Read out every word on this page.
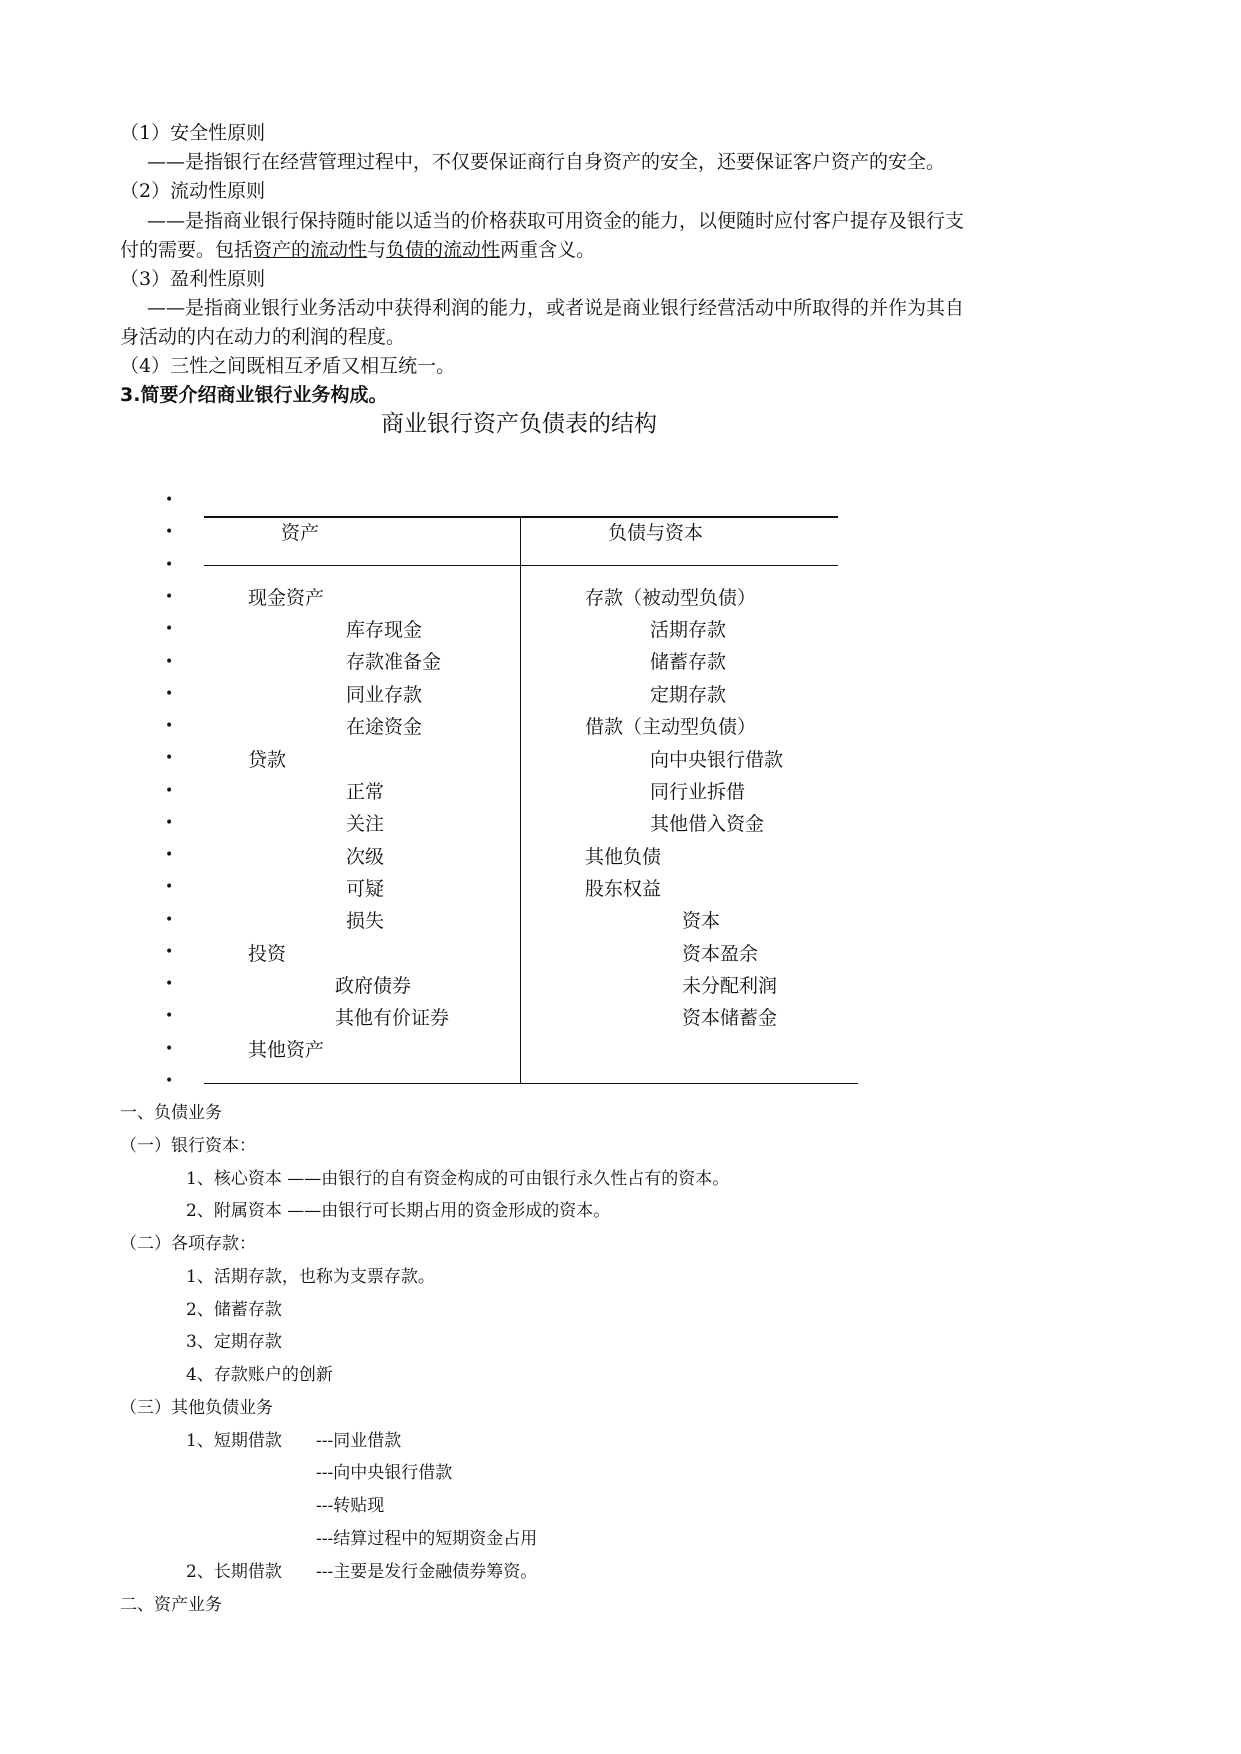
（1）安全性原则
——是指银行在经营管理过程中，不仅要保证商行自身资产的安全，还要保证客户资产的安全。
（2）流动性原则
——是指商业银行保持随时能以适当的价格获取可用资金的能力，以便随时应付客户提存及银行支
付的需要。包括资产的流动性与负债的流动性两重含义。
（3）盈利性原则
——是指商业银行业务活动中获得利润的能力，或者说是商业银行经营活动中所取得的并作为其自
身活动的内在动力的利润的程度。
（4）三性之间既相互矛盾又相互统一。
3.简要介绍商业银行业务构成。
商业银行资产负债表的结构
•
•
•
•
•
•
•
•
•
•
•
•
•
•
•
•
•
•
•
资产	负债与资本
现金资产
库存现金
存款准备金
同业存款
在途资金
贷款
正常
关注
次级
可疑
损失
投资
政府债券
其他有价证券
其他资产
存款（被动型负债）
活期存款
储蓄存款
定期存款
借款（主动型负债）
向中央银行借款
同行业拆借
其他借入资金
其他负债
股东权益
资本
资本盈余
未分配利润
资本储蓄金
一、负债业务
（一）银行资本：
1、核心资本 ——由银行的自有资金构成的可由银行永久性占有的资本。
2、附属资本 ——由银行可长期占用的资金形成的资本。
（二）各项存款：
1、活期存款，也称为支票存款。
2、储蓄存款
3、定期存款
4、存款账户的创新
（三）其他负债业务
1、短期借款 ---同业借款
---向中央银行借款
---转贴现
---结算过程中的短期资金占用
2、长期借款 ---主要是发行金融债券筹资。
二、资产业务
